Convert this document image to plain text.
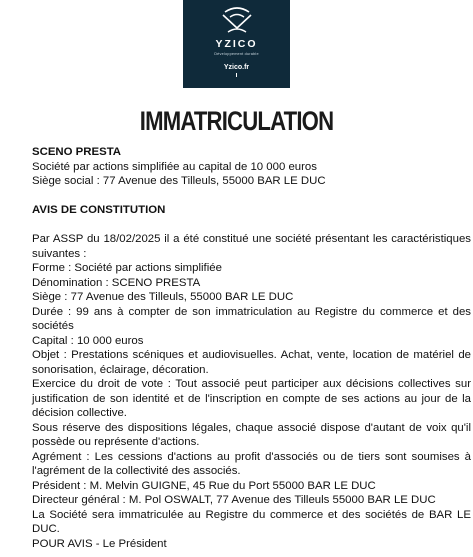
YZICO
Développement durable
Yzico.fr
IMMATRICULATION

SCENO PRESTA

Société par actions simplifiée au capital de 10 000 euros

Siège social : 77 Avenue des Tilleuls, 55000 BAR LE DUC

AVIS DE CONSTITUTION

Par ASSP du 18/02/2025 il a été constitué une société présentant les caractéristiques suivantes :

Forme : Société par actions simplifiée

Dénomination : SCENO PRESTA

Siège : 77 Avenue des Tilleuls, 55000 BAR LE DUC

Durée : 99 ans à compter de son immatriculation au Registre du commerce et des sociétés

Capital : 10 000 euros

Objet : Prestations scéniques et audiovisuelles. Achat, vente, location de matériel de sonorisation, éclairage, décoration.

Exercice du droit de vote : Tout associé peut participer aux décisions collectives sur justification de son identité et de l'inscription en compte de ses actions au jour de la décision collective.

Sous réserve des dispositions légales, chaque associé dispose d'autant de voix qu'il possède ou représente d'actions.

Agrément : Les cessions d'actions au profit d'associés ou de tiers sont soumises à l'agrément de la collectivité des associés.

Président : M. Melvin GUIGNE, 45 Rue du Port 55000 BAR LE DUC

Directeur général : M. Pol OSWALT, 77 Avenue des Tilleuls 55000 BAR LE DUC

La Société sera immatriculée au Registre du commerce et des sociétés de BAR LE DUC.

POUR AVIS - Le Président
